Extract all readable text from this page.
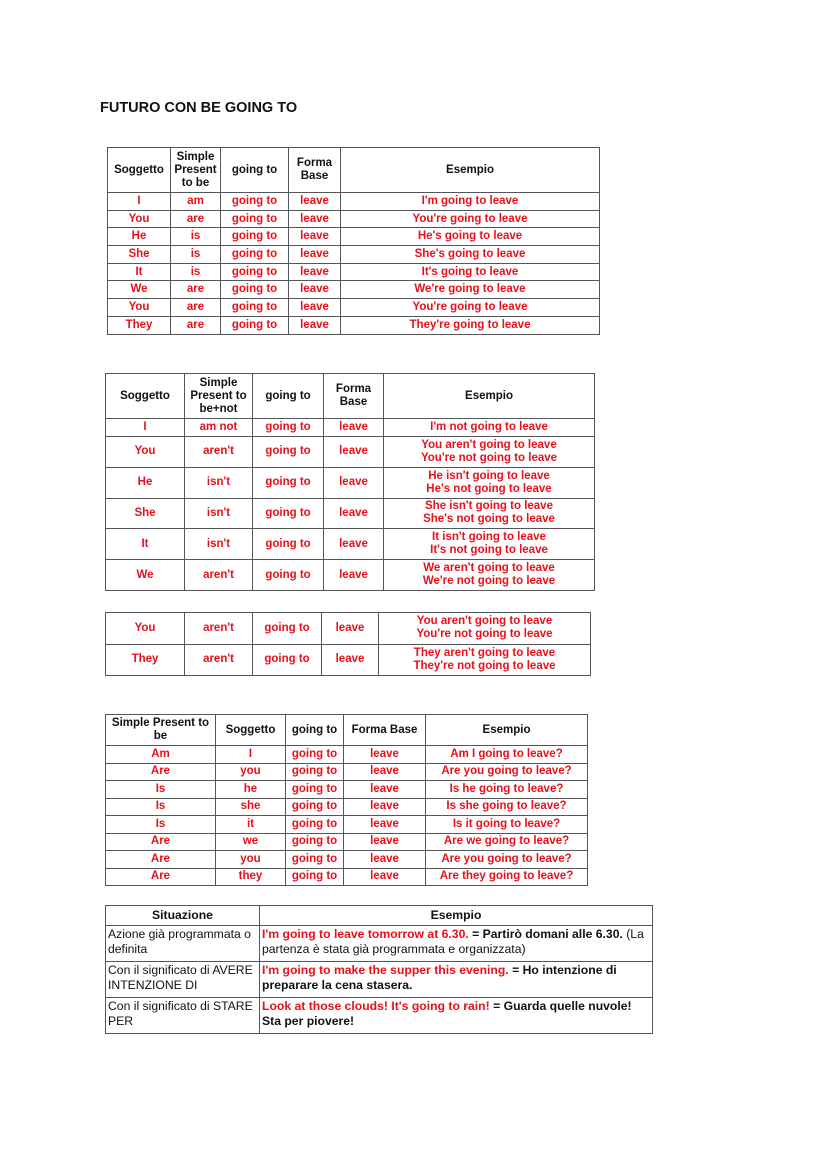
FUTURO CON BE GOING TO
Soggetto	Simple Present to be	going to	Forma Base	Esempio
I	am	going to	leave	I'm going to leave
You	are	going to	leave	You're going to leave
He	is	going to	leave	He's going to leave
She	is	going to	leave	She's going to leave
It	is	going to	leave	It's going to leave
We	are	going to	leave	We're going to leave
You	are	going to	leave	You're going to leave
They	are	going to	leave	They're going to leave
Soggetto	Simple Present to be+not	going to	Forma Base	Esempio
I	am not	going to	leave	I'm not going to leave

You	aren't	going to	leave	You aren't going to leave
You're not going to leave

He	isn't	going to	leave	He isn't going to leave
He's not going to leave

She	isn't	going to	leave	She isn't going to leave
She's not going to leave

It	isn't	going to	leave	It isn't going to leave
It's not going to leave

We	aren't	going to	leave	We aren't going to leave
We're not going to leave
You	aren't	going to	leave	You aren't going to leave
You're not going to leave

They	aren't	going to	leave	They aren't going to leave
They're not going to leave
Simple Present to be	Soggetto	going to	Forma Base	Esempio
Am	I	going to	leave	Am I going to leave?
Are	you	going to	leave	Are you going to leave?
Is	he	going to	leave	Is he going to leave?
Is	she	going to	leave	Is she going to leave?
Is	it	going to	leave	Is it going to leave?
Are	we	going to	leave	Are we going to leave?
Are	you	going to	leave	Are you going to leave?
Are	they	going to	leave	Are they going to leave?
Situazione	Esempio
Azione già programmata o definita	I'm going to leave tomorrow at 6.30. = Partirò domani alle 6.30. (La partenza è stata già programmata e organizzata)
Con il significato di AVERE INTENZIONE DI	I'm going to make the supper this evening. = Ho intenzione di preparare la cena stasera.
Con il significato di STARE PER	Look at those clouds! It's going to rain! = Guarda quelle nuvole! Sta per piovere!
